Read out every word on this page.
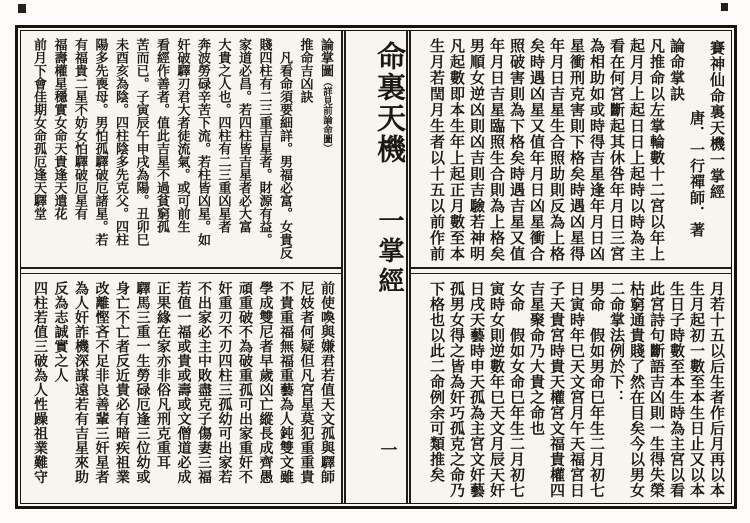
論掌圖（詳見前論命圖）

推命吉凶訣

　凡看命須要細詳。男福必富。女貴反

賤四柱有二三重吉星者。財源有益。

家道必昌。若四柱皆吉星者必大富

大貴之人也。四柱有二三重凶星者

奔波勞碌辛苦下流。若柱皆凶星。如

奸破驛刃君大者徒流氣。或可前生

看經作善者。值此吉星不過貧窮孤

苦而已。子寅辰午申戌為陽。丑卯巳

未酉亥為陰。四柱陰多先克父。四柱

陽多先喪母。男怕孤驛破厄諸星。若

有福貴二星不妨女怕驛破厄星有

福壽權星穩實女命天貴逢天遣花

前月下會佳期女命孤厄逢天驛堂

前使喚與嫌君若值天文孤與驛師

尼妓者何疑但凡宮星莫犯重重貴

不貴重福無福重藝為人鈍雙文雖

學成雙尼者早歲凶亡縱長成齊愚

頑重破不為破重孤可出家重奸不

奸重刃不刃四柱三孤幼可出家若

不出家必主中敗盡克子傷妻三福

若值一福或貴或壽或文僧道必成

正果緣在家亦非俗凡刑克重耳

驛馬三重一生勞碌厄逢三位幼或

身亡不亡者反近貴必有暗疾祖業

改離慳吝不足非良善輩三奸星者

為人奸詐機深謀遠若有吉星來助

反為志誠實之人

四柱若值三破為人性躁祖業難守

命裏天機
一掌經
一

賽神仙命裏天機一掌經

唐．一行禪師．著

論命掌訣

凡推命以左掌輪數十二宮以年上

起月月上起日日上起時以時為主

看在何宮斷起其休咎年月日三宮

為相助如或時得吉星逢年月日凶

星衝刑克害則下格矣時遇凶星得

年月日吉星生合照助則反為上格

矣時遇凶星又值年月日凶星衝合

照破害則為下格矣時遇吉星又值

年月日吉星臨照生合則為上格矣

男順女逆凶則凶吉則吉驗若神明

凡起數即本生年上起正月數至本

生月若閏月生者以十五以前作前

月若十五以后生者作后月再以本

生月起初一數至本生日止又以本

生日子時數至本生時為主宮以看

此宮詩句斷語吉凶則一生得失榮

枯窮通貴賤了然在目矣今以男女

二命掌法例於下：

男命　假如男命巳年生二月初七

日寅時年巳天文宮月午天福宮日

子天貴宮時貴天權宮文福貴權四

吉星聚命乃大貴之命也

女命　假如女命巳年生二月初七

寅時女則逆數年巳天文月辰天奸

日戌天藝時申天孤為主宮文奸藝

孤男女得之皆為奸巧孤克之命乃

下格也以此二命例余可類推矣
